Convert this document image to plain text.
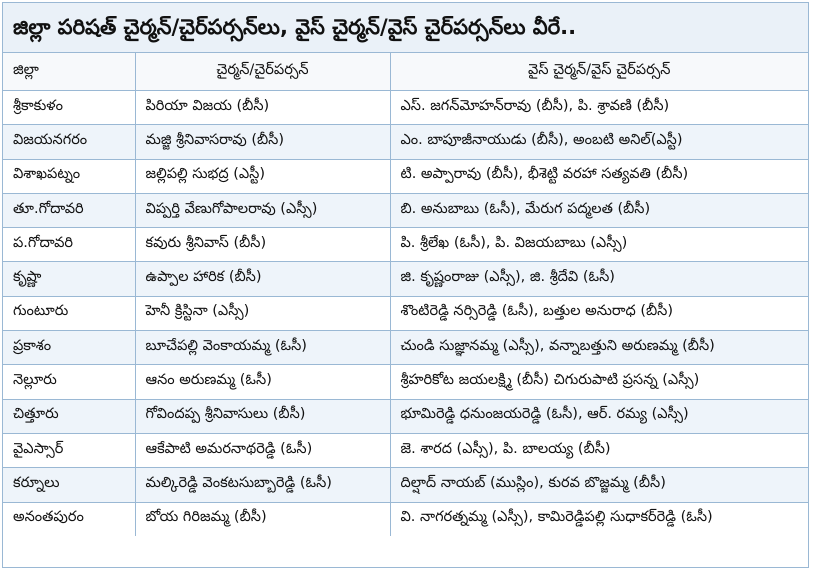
జిల్లా పరిషత్ చైర్మన్/చైర్‌పర్సన్‌లు, వైస్ చైర్మన్/వైస్ చైర్‌పర్సన్‌లు వీరే..
జిల్లా	చైర్మన్/చైర్‌పర్సన్	వైస్ చైర్మన్/వైస్ చైర్‌పర్సన్
శ్రీకాకుళం	పిరియా విజయ (బీసీ)	ఎస్. జగన్‌మోహన్‌రావు (బీసీ), పి. శ్రావణి (బీసీ)
విజయనగరం	మజ్జి శ్రీనివాసరావు (బీసీ)	ఎం. బాపూజీనాయుడు (బీసీ), అంబటి అనిల్(ఎస్టీ)
విశాఖపట్నం	జల్లిపల్లి సుభద్ర (ఎస్టీ)	టి. అప్పారావు (బీసీ), భీశెట్టి వరహా సత్యవతి (బీసీ)
తూ.గోదావరి	విప్పర్తి వేణుగోపాలరావు (ఎస్సీ)	బి. అనుబాబు (ఓసీ), మేరుగ పద్మలత (బీసీ)
ప.గోదావరి	కవురు శ్రీనివాస్ (బీసీ)	పి. శ్రీలేఖ (ఓసీ), పి. విజయబాబు (ఎస్సీ)
కృష్ణా	ఉప్పాల హారిక (బీసీ)	జి. కృష్ణంరాజు (ఎస్సీ), జి. శ్రీదేవి (ఓసీ)
గుంటూరు	హెనీ క్రిస్టినా (ఎస్సీ)	శొంటిరెడ్డి నర్సిరెడ్డి (ఓసీ), బత్తుల అనురాధ (బీసీ)
ప్రకాశం	బూచేపల్లి వెంకాయమ్మ (ఓసీ)	చుండి సుజ్ఞానమ్మ (ఎస్సీ), వన్నాబత్తుని అరుణమ్మ (బీసీ)
నెల్లూరు	ఆనం అరుణమ్మ (ఓసీ)	శ్రీహరికోట జయలక్ష్మి (బీసీ) చిగురుపాటి ప్రసన్న (ఎస్సీ)
చిత్తూరు	గోవిందప్ప శ్రీనివాసులు (బీసీ)	భూమిరెడ్డి ధనుంజయరెడ్డి (ఓసీ), ఆర్. రమ్య (ఎస్సీ)
వైఎస్సార్	ఆకేపాటి అమరనాథరెడ్డి (ఓసీ)	జె. శారద (ఎస్సీ), పి. బాలయ్య (బీసీ)
కర్నూలు	మల్కిరెడ్డి వెంకటసుబ్బారెడ్డి (ఓసీ)	దిల్షాద్ నాయబ్ (ముస్లిం), కురవ బొజ్జమ్మ (బీసీ)
అనంతపురం	బోయ గిరిజమ్మ (బీసీ)	వి. నాగరత్నమ్మ (ఎస్సీ), కామిరెడ్డిపల్లి సుధాకర్‌రెడ్డి (ఓసీ)
